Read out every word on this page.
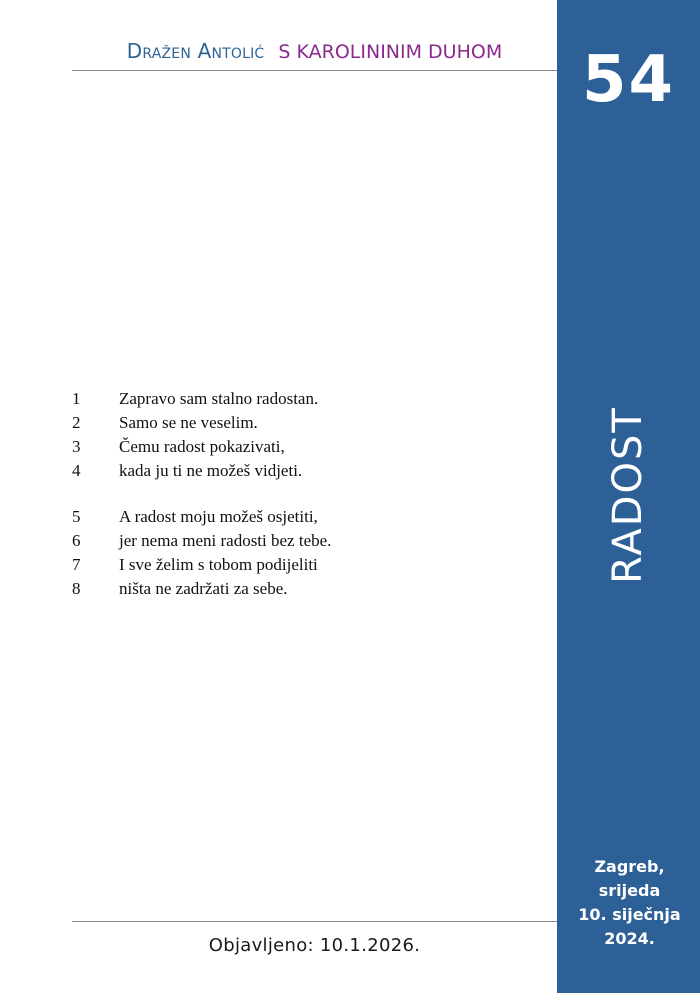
Dražen Antolić S KAROLININIM DUHOM
1	Zapravo sam stalno radostan.
2	Samo se ne veselim.
3	Čemu radost pokazivati,
4	kada ju ti ne možeš vidjeti.
5	A radost moju možeš osjetiti,
6	jer nema meni radosti bez tebe.
7	I sve želim s tobom podijeliti
8	ništa ne zadržati za sebe.
Objavljeno: 10.1.2026.
54
RADOST
Zagreb,
srijeda
10. siječnja
2024.
